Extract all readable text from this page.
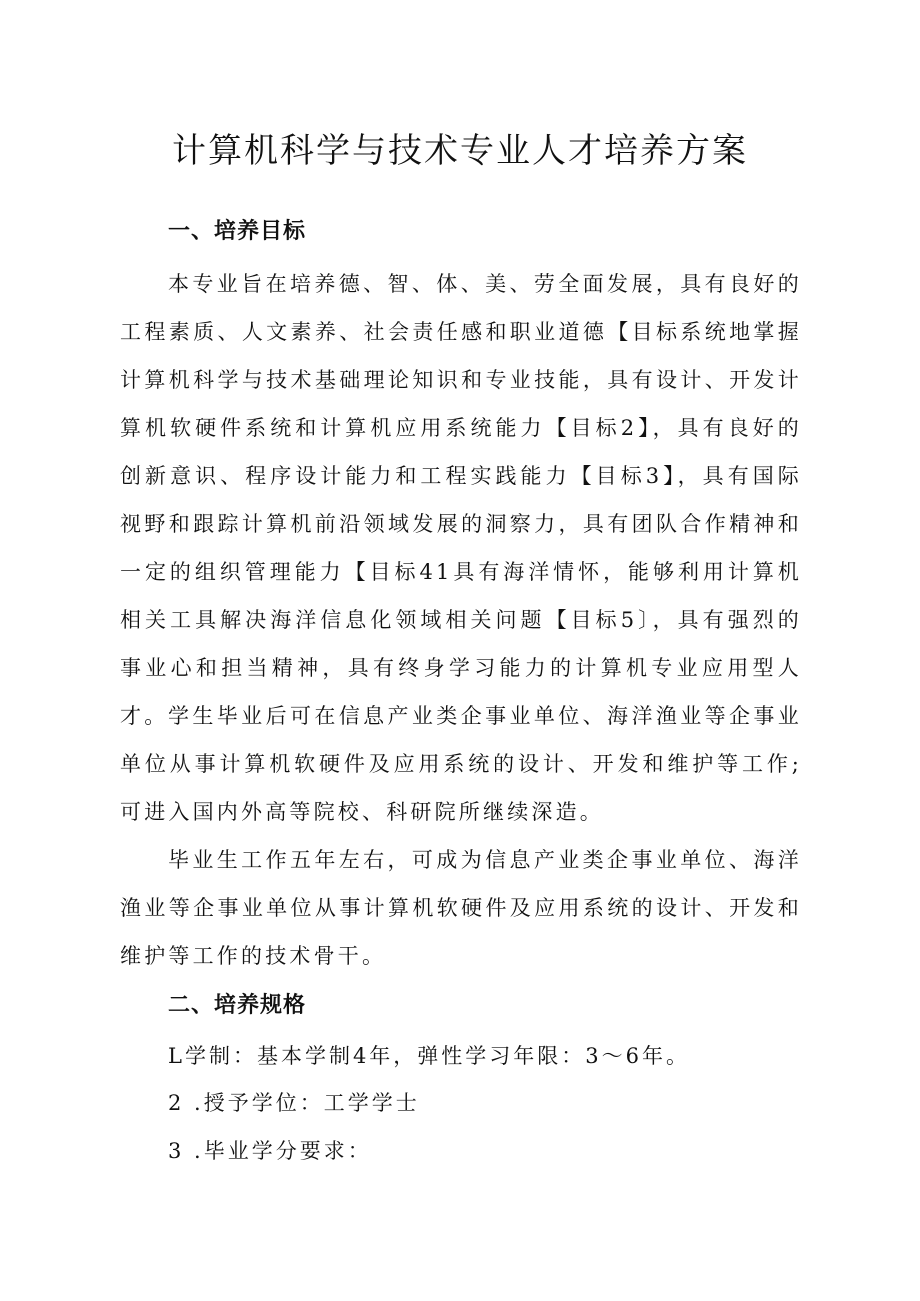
计算机科学与技术专业人才培养方案
一、培养目标

本专业旨在培养德、智、体、美、劳全面发展，具有良好的工程素质、人文素养、社会责任感和职业道德【目标系统地掌握计算机科学与技术基础理论知识和专业技能，具有设计、开发计算机软硬件系统和计算机应用系统能力【目标2】，具有良好的创新意识、程序设计能力和工程实践能力【目标3】，具有国际视野和跟踪计算机前沿领域发展的洞察力，具有团队合作精神和一定的组织管理能力【目标41具有海洋情怀，能够利用计算机相关工具解决海洋信息化领域相关问题【目标5〕，具有强烈的事业心和担当精神，具有终身学习能力的计算机专业应用型人才。 学生毕业后可在信息产业类企事业单位、海洋渔业等企事业单位从事计算机软硬件及应用系统的设计、开发和维护等工作;可进入国内外高等院校、科研院所继续深造。

毕业生工作五年左右，可成为信息产业类企事业单位、海洋渔业等企事业单位从事计算机软硬件及应用系统的设计、开发和维护等工作的技术骨干。

二、培养规格

L学制：基本学制4年，弹性学习年限：3～6年。

2 .授予学位：工学学士

3 .毕业学分要求：
